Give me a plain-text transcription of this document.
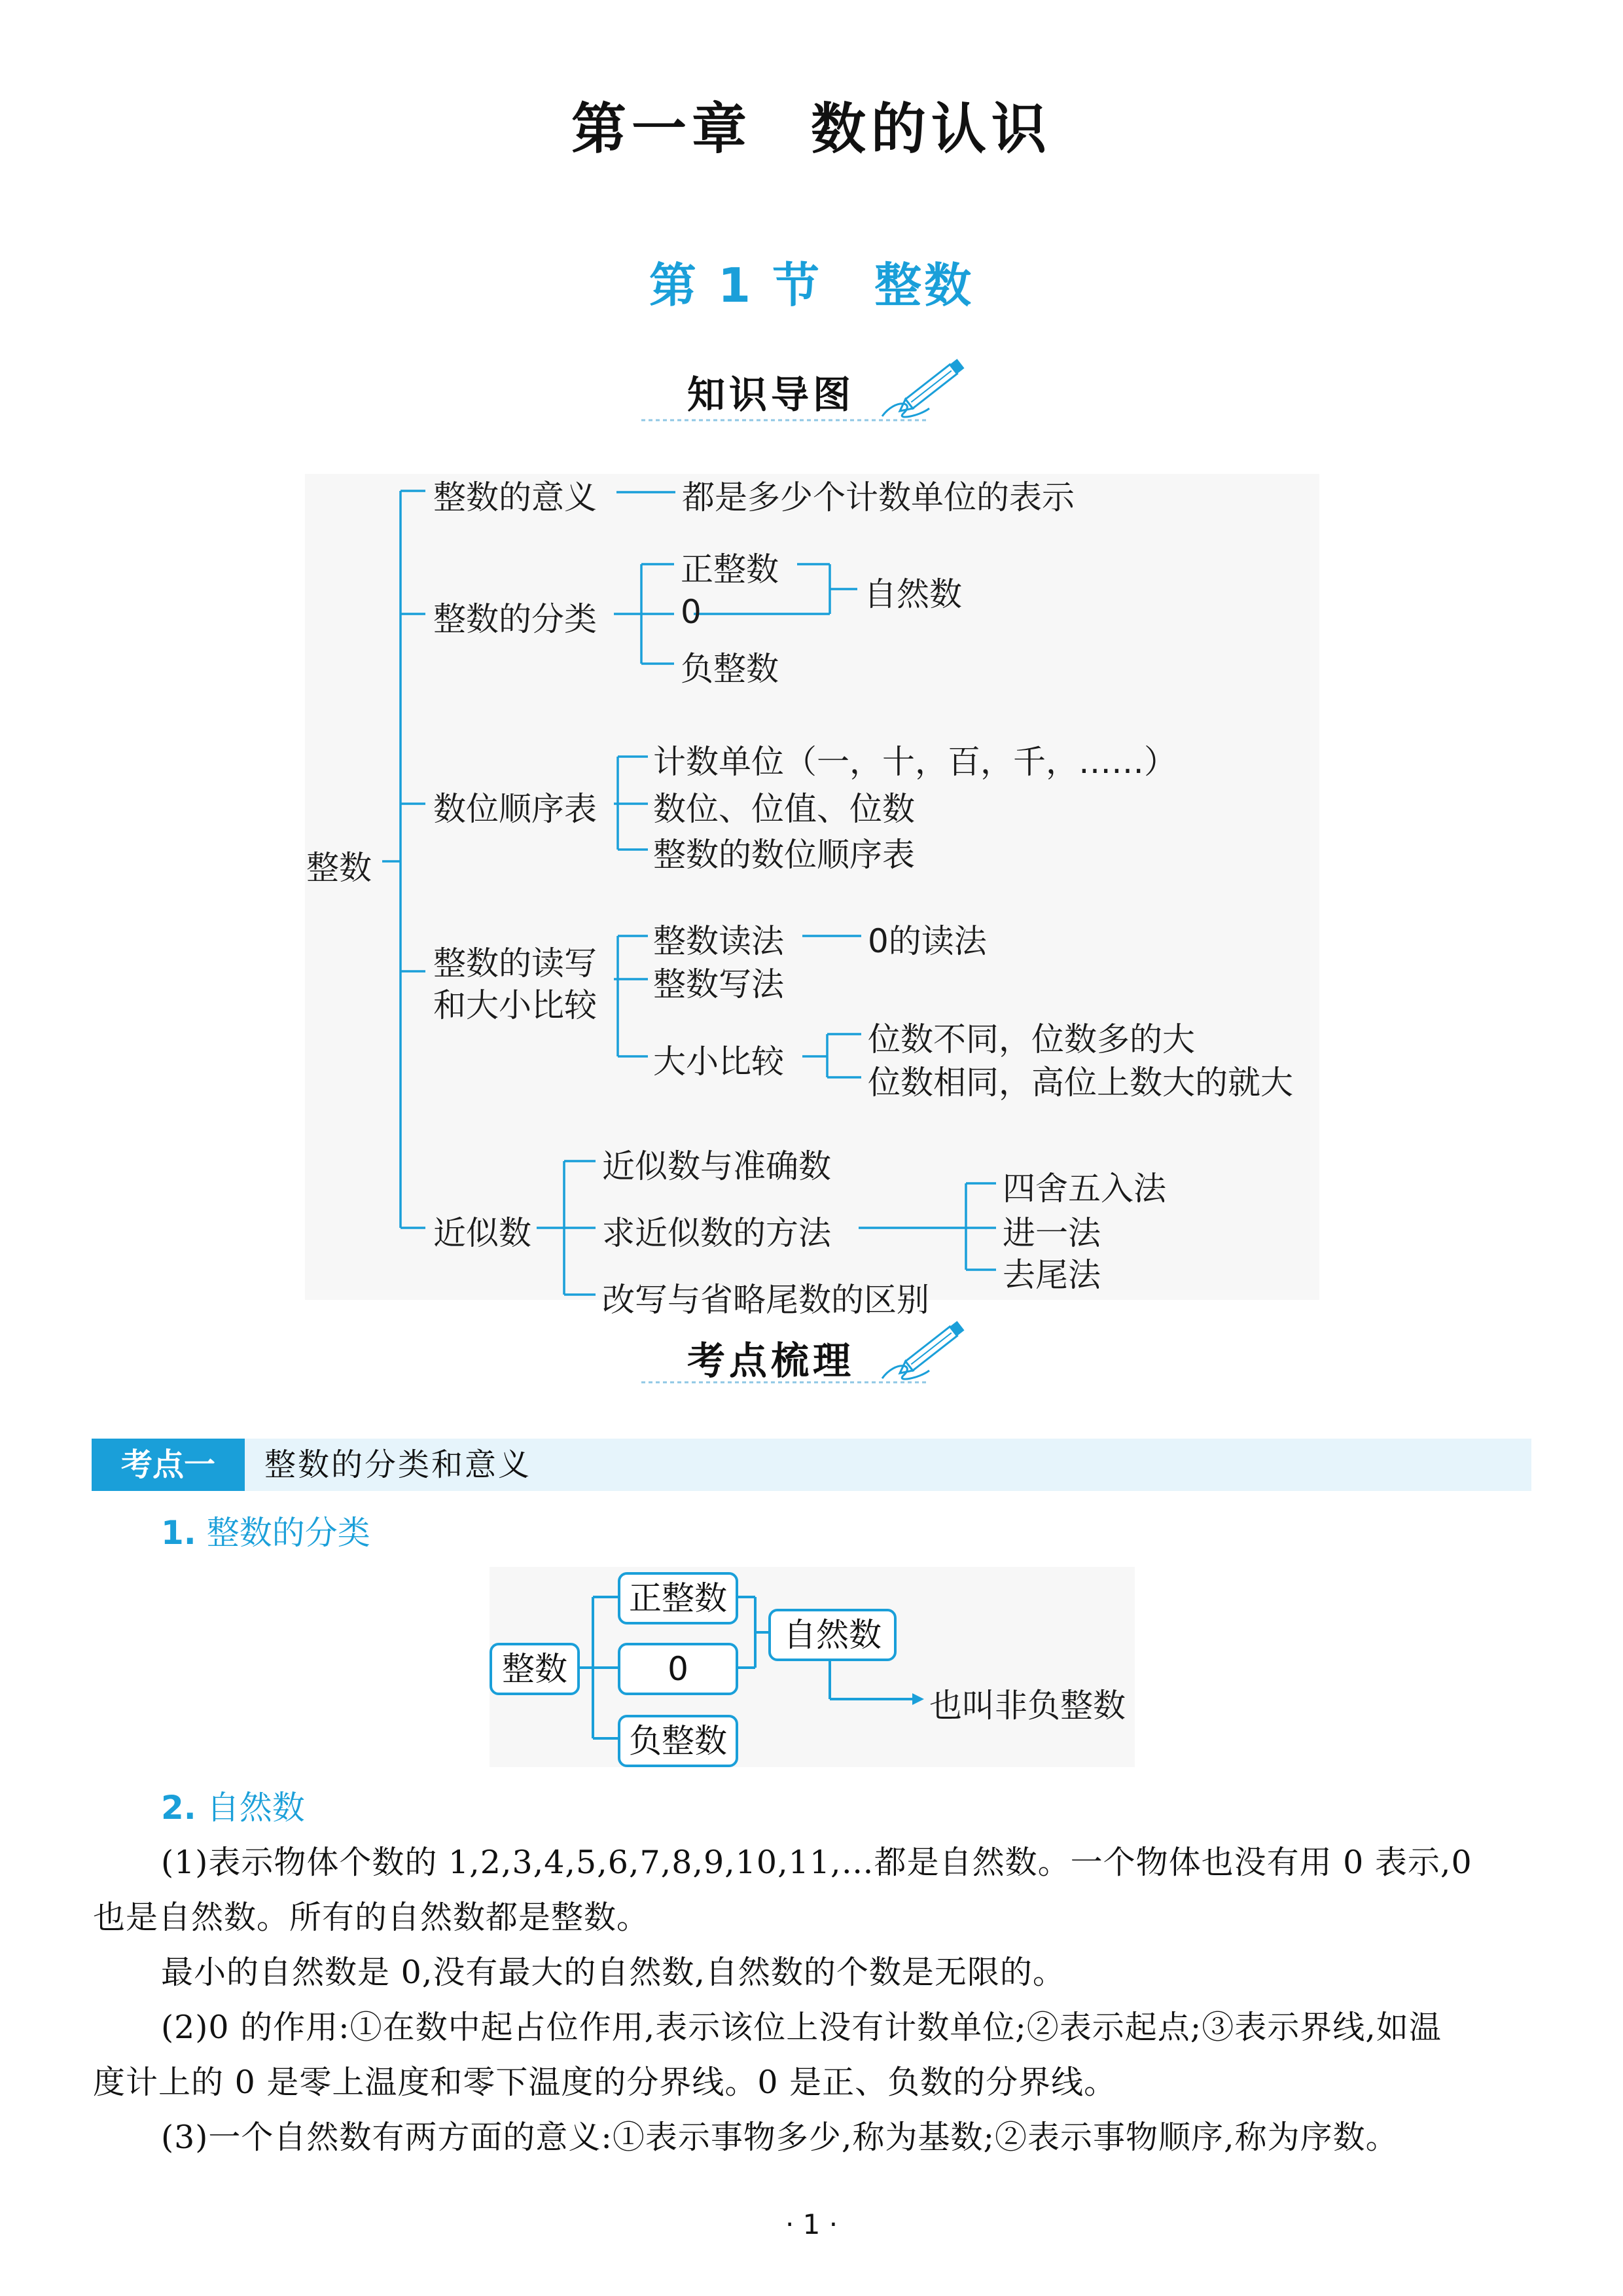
第一章 数的认识
第 1 节 整数
知识导图
整数
整数的意义	都是多少个计数单位的表示
整数的分类
正整数
0
负整数
自然数
数位顺序表
计数单位（一，十，百，千，……）
数位、位值、位数
整数的数位顺序表
整数的读写
和大小比较
整数读法	0的读法
整数写法
大小比较
位数不同，位数多的大
位数相同，高位上数大的就大
近似数
近似数与准确数
求近似数的方法
改写与省略尾数的区别
四舍五入法
进一法
去尾法
考点梳理
考点一	整数的分类和意义
1. 整数的分类
整数
正整数
0
负整数
自然数
也叫非负整数
2. 自然数
(1)表示物体个数的 1,2,3,4,5,6,7,8,9,10,11,…都是自然数。一个物体也没有用 0 表示,0
也是自然数。所有的自然数都是整数。
最小的自然数是 0,没有最大的自然数,自然数的个数是无限的。
(2)0 的作用:①在数中起占位作用,表示该位上没有计数单位;②表示起点;③表示界线,如温
度计上的 0 是零上温度和零下温度的分界线。0 是正、负数的分界线。
(3)一个自然数有两方面的意义:①表示事物多少,称为基数;②表示事物顺序,称为序数。
· 1 ·
